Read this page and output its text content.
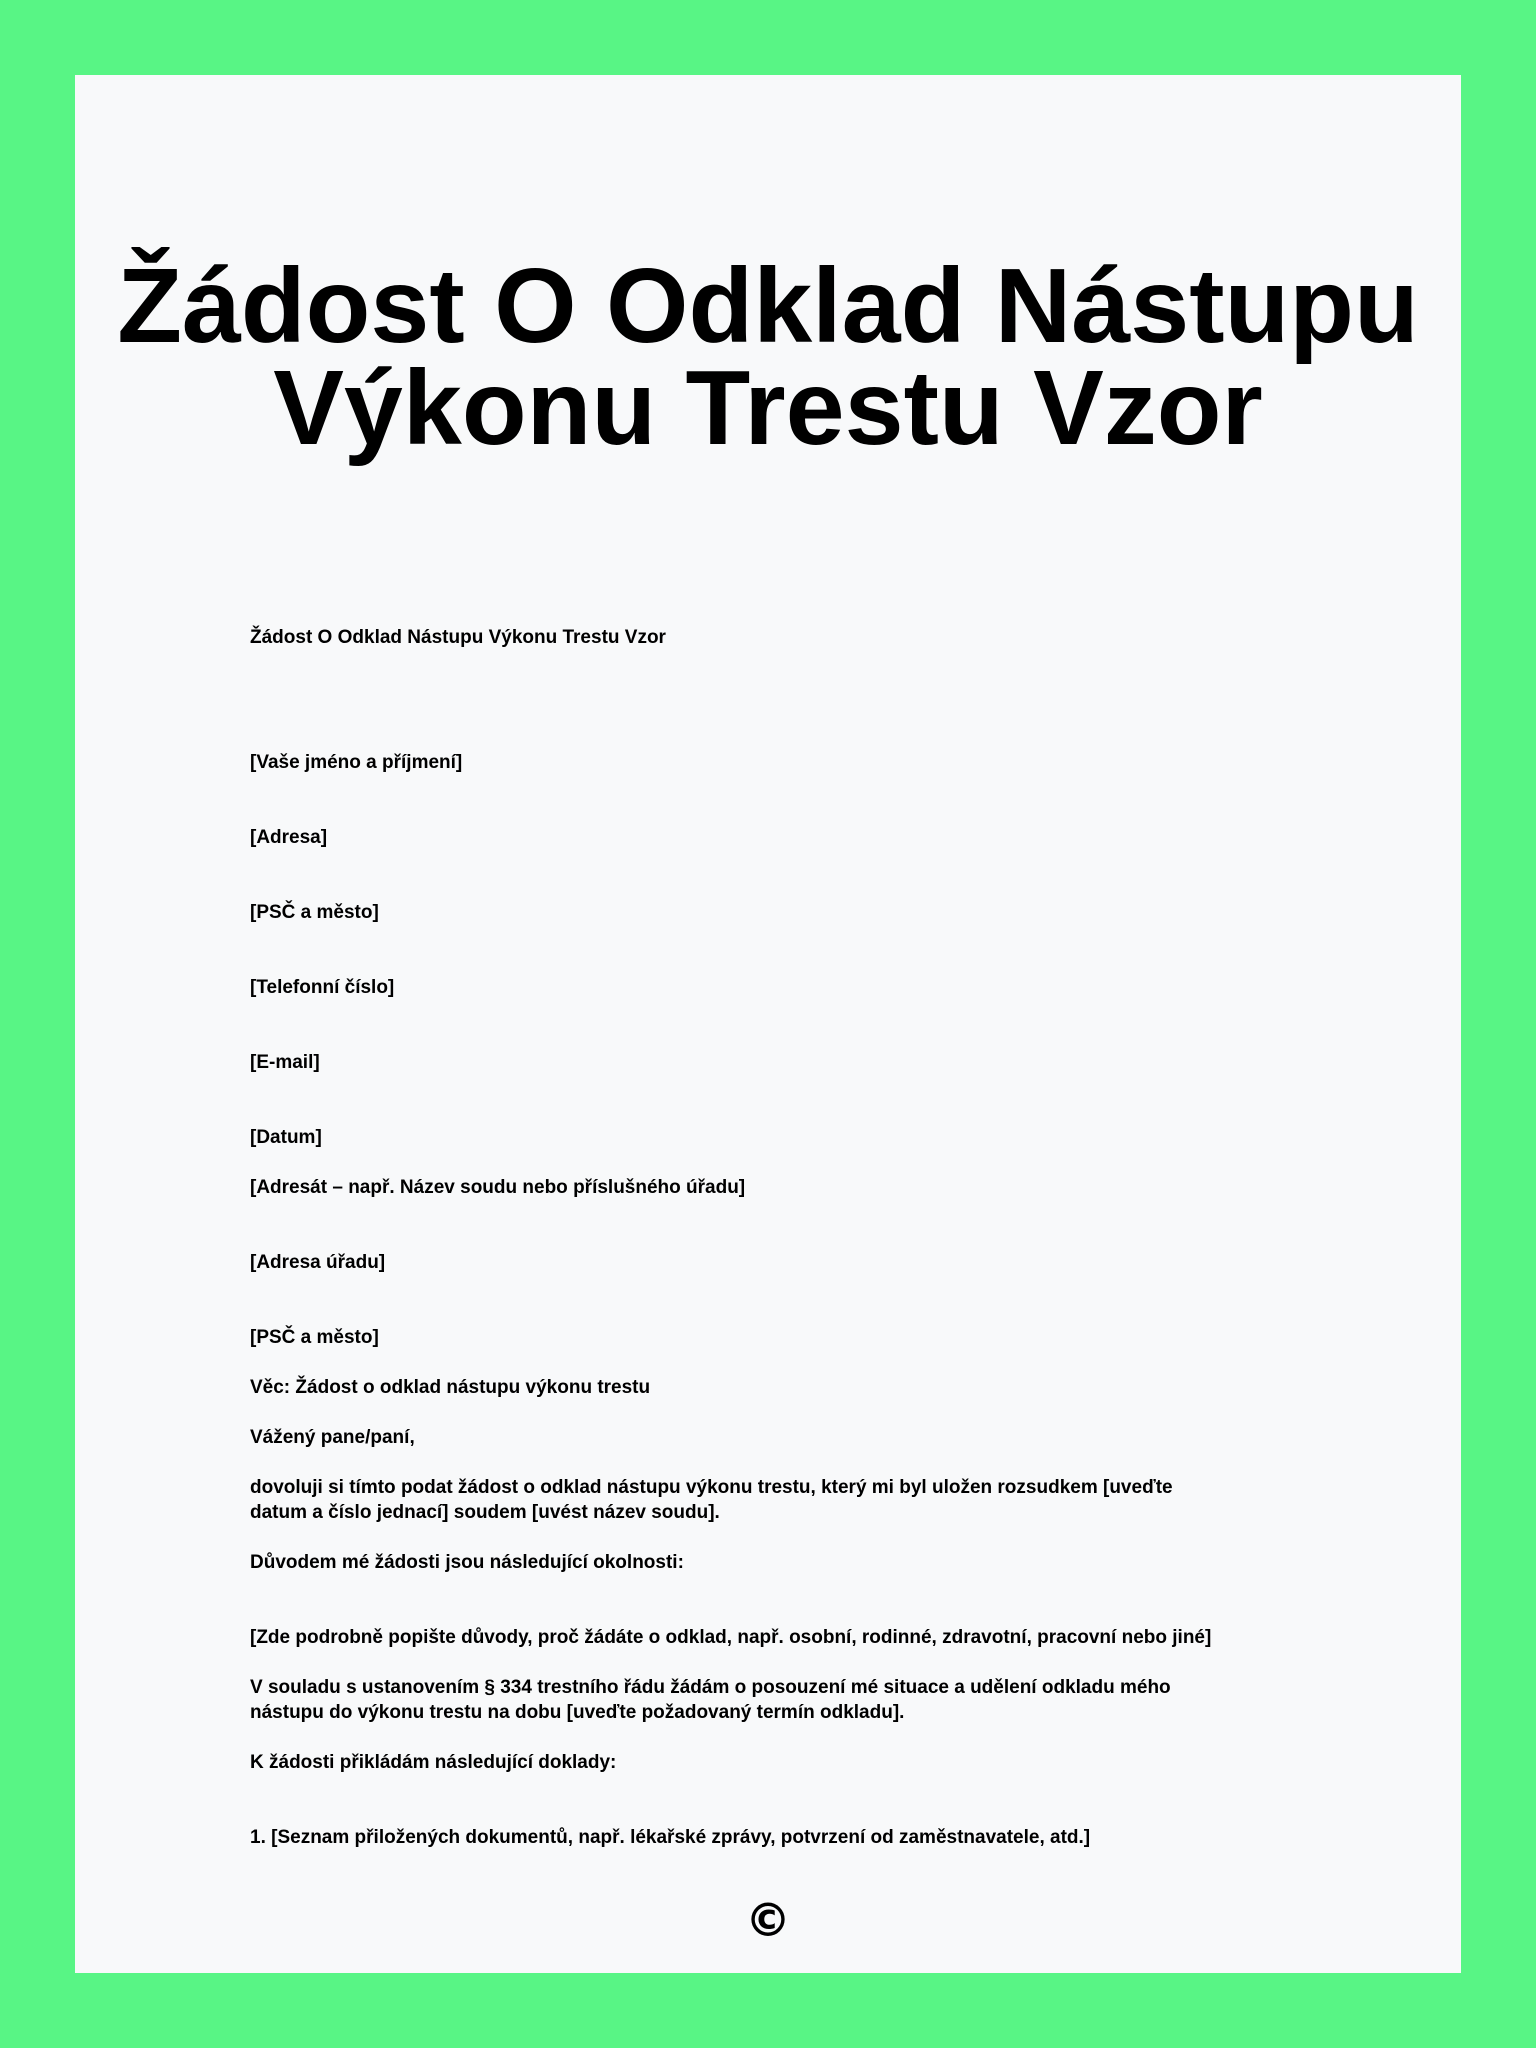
Žádost O Odklad Nástupu
Výkonu Trestu Vzor

Žádost O Odklad Nástupu Výkonu Trestu Vzor

[Vaše jméno a příjmení]

[Adresa]

[PSČ a město]

[Telefonní číslo]

[E-mail]

[Datum]

[Adresát – např. Název soudu nebo příslušného úřadu]

[Adresa úřadu]

[PSČ a město]

Věc: Žádost o odklad nástupu výkonu trestu

Vážený pane/paní,

dovoluji si tímto podat žádost o odklad nástupu výkonu trestu, který mi byl uložen rozsudkem [uveďte

datum a číslo jednací] soudem [uvést název soudu].

Důvodem mé žádosti jsou následující okolnosti:

[Zde podrobně popište důvody, proč žádáte o odklad, např. osobní, rodinné, zdravotní, pracovní nebo jiné]

V souladu s ustanovením § 334 trestního řádu žádám o posouzení mé situace a udělení odkladu mého

nástupu do výkonu trestu na dobu [uveďte požadovaný termín odkladu].

K žádosti přikládám následující doklady:

1. [Seznam přiložených dokumentů, např. lékařské zprávy, potvrzení od zaměstnavatele, atd.]

©
